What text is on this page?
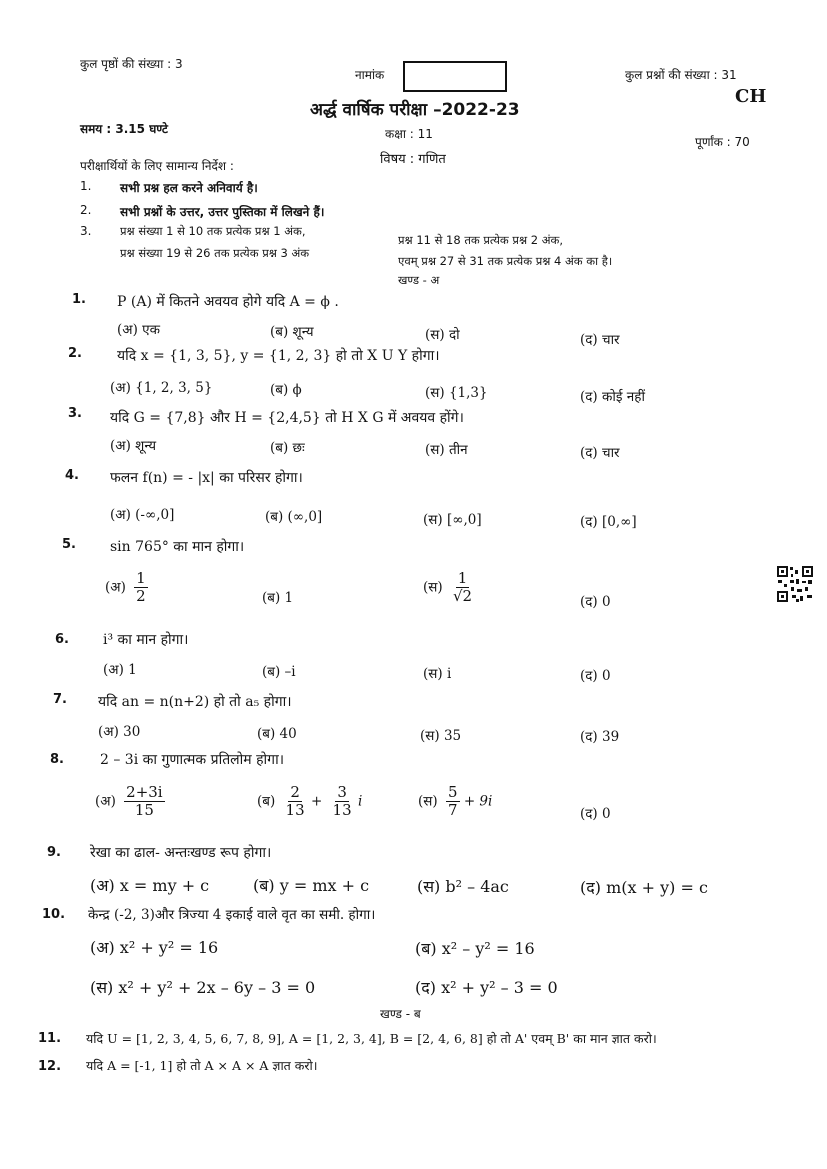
कुल पृष्ठों की संख्या : 3
नामांक	कुल प्रश्नों की संख्या : 31
CH
अर्द्ध वार्षिक परीक्षा –2022-23
समय : 3.15 घण्टे	कक्षा : 11
पूर्णांक : 70
विषय : गणित
परीक्षार्थियों के लिए सामान्य निर्देश :
1. सभी प्रश्न हल करने अनिवार्य है।
2. सभी प्रश्नों के उत्तर, उत्तर पुस्तिका में लिखने हैं।
3. प्रश्न संख्या 1 से 10 तक प्रत्येक प्रश्न 1 अंक,
प्रश्न संख्या 19 से 26 तक प्रत्येक प्रश्न 3 अंक
प्रश्न 11 से 18 तक प्रत्येक प्रश्न 2 अंक,
एवम् प्रश्न 27 से 31 तक प्रत्येक प्रश्न 4 अंक का है।
खण्ड - अ
1. P (A) में कितने अवयव होगे यदि A = ϕ .
(अ) एक	(ब) शून्य	(स) दो	(द) चार
2.	यदि x = {1, 3, 5}, y = {1, 2, 3} हो तो X U Y होगा।
(अ) {1, 2, 3, 5}	(ब) ϕ	(स) {1,3}	(द) कोई नहीं
3. यदि G = {7,8} और H = {2,4,5} तो H X G में अवयव होंगे।
(अ) शून्य	(ब) छः	(स) तीन	(द) चार
4. फलन f(n) = - |x| का परिसर होगा।
(अ) (-∞,0]	(ब) (∞,0]	(स) [∞,0]	(द) [0,∞]
5. sin 765° का मान होगा।
(अ) $\frac{1}{2}$	(ब) 1
(स) $\frac{1}{√2}$	(द) 0
6. i³ का मान होगा।
(अ) 1	(ब) –i	(स) i	(द) 0
7. यदि an = n(n+2) हो तो a₅ होगा।
(अ) 30	(ब) 40	(स) 35	(द) 39
8.	2 – 3i का गुणात्मक प्रतिलोम होगा।
(अ) $\frac{2+3i}{15}$	(ब) $\frac{2}{13} + \frac{3}{13}$ i	(स) $\frac{5}{7} + 9i$
(द) 0
9. रेखा का ढाल- अन्तःखण्ड रूप होगा।
(अ) x = my + c	(ब) y = mx + c	(स) b² – 4ac	(द) m(x + y) = c
10. केन्द्र (-2, 3)और त्रिज्या 4 इकाई वाले वृत का समी. होगा।
(अ) x² + y² = 16	(ब) x² – y² = 16
(स) x² + y² + 2x – 6y – 3 = 0	(द) x² + y² – 3 = 0
खण्ड - ब
11. यदि U = [1, 2, 3, 4, 5, 6, 7, 8, 9], A = [1, 2, 3, 4], B = [2, 4, 6, 8] हो तो A' एवम् B' का मान ज्ञात करो।
12. यदि A = [-1, 1] हो तो A × A × A ज्ञात करो।
